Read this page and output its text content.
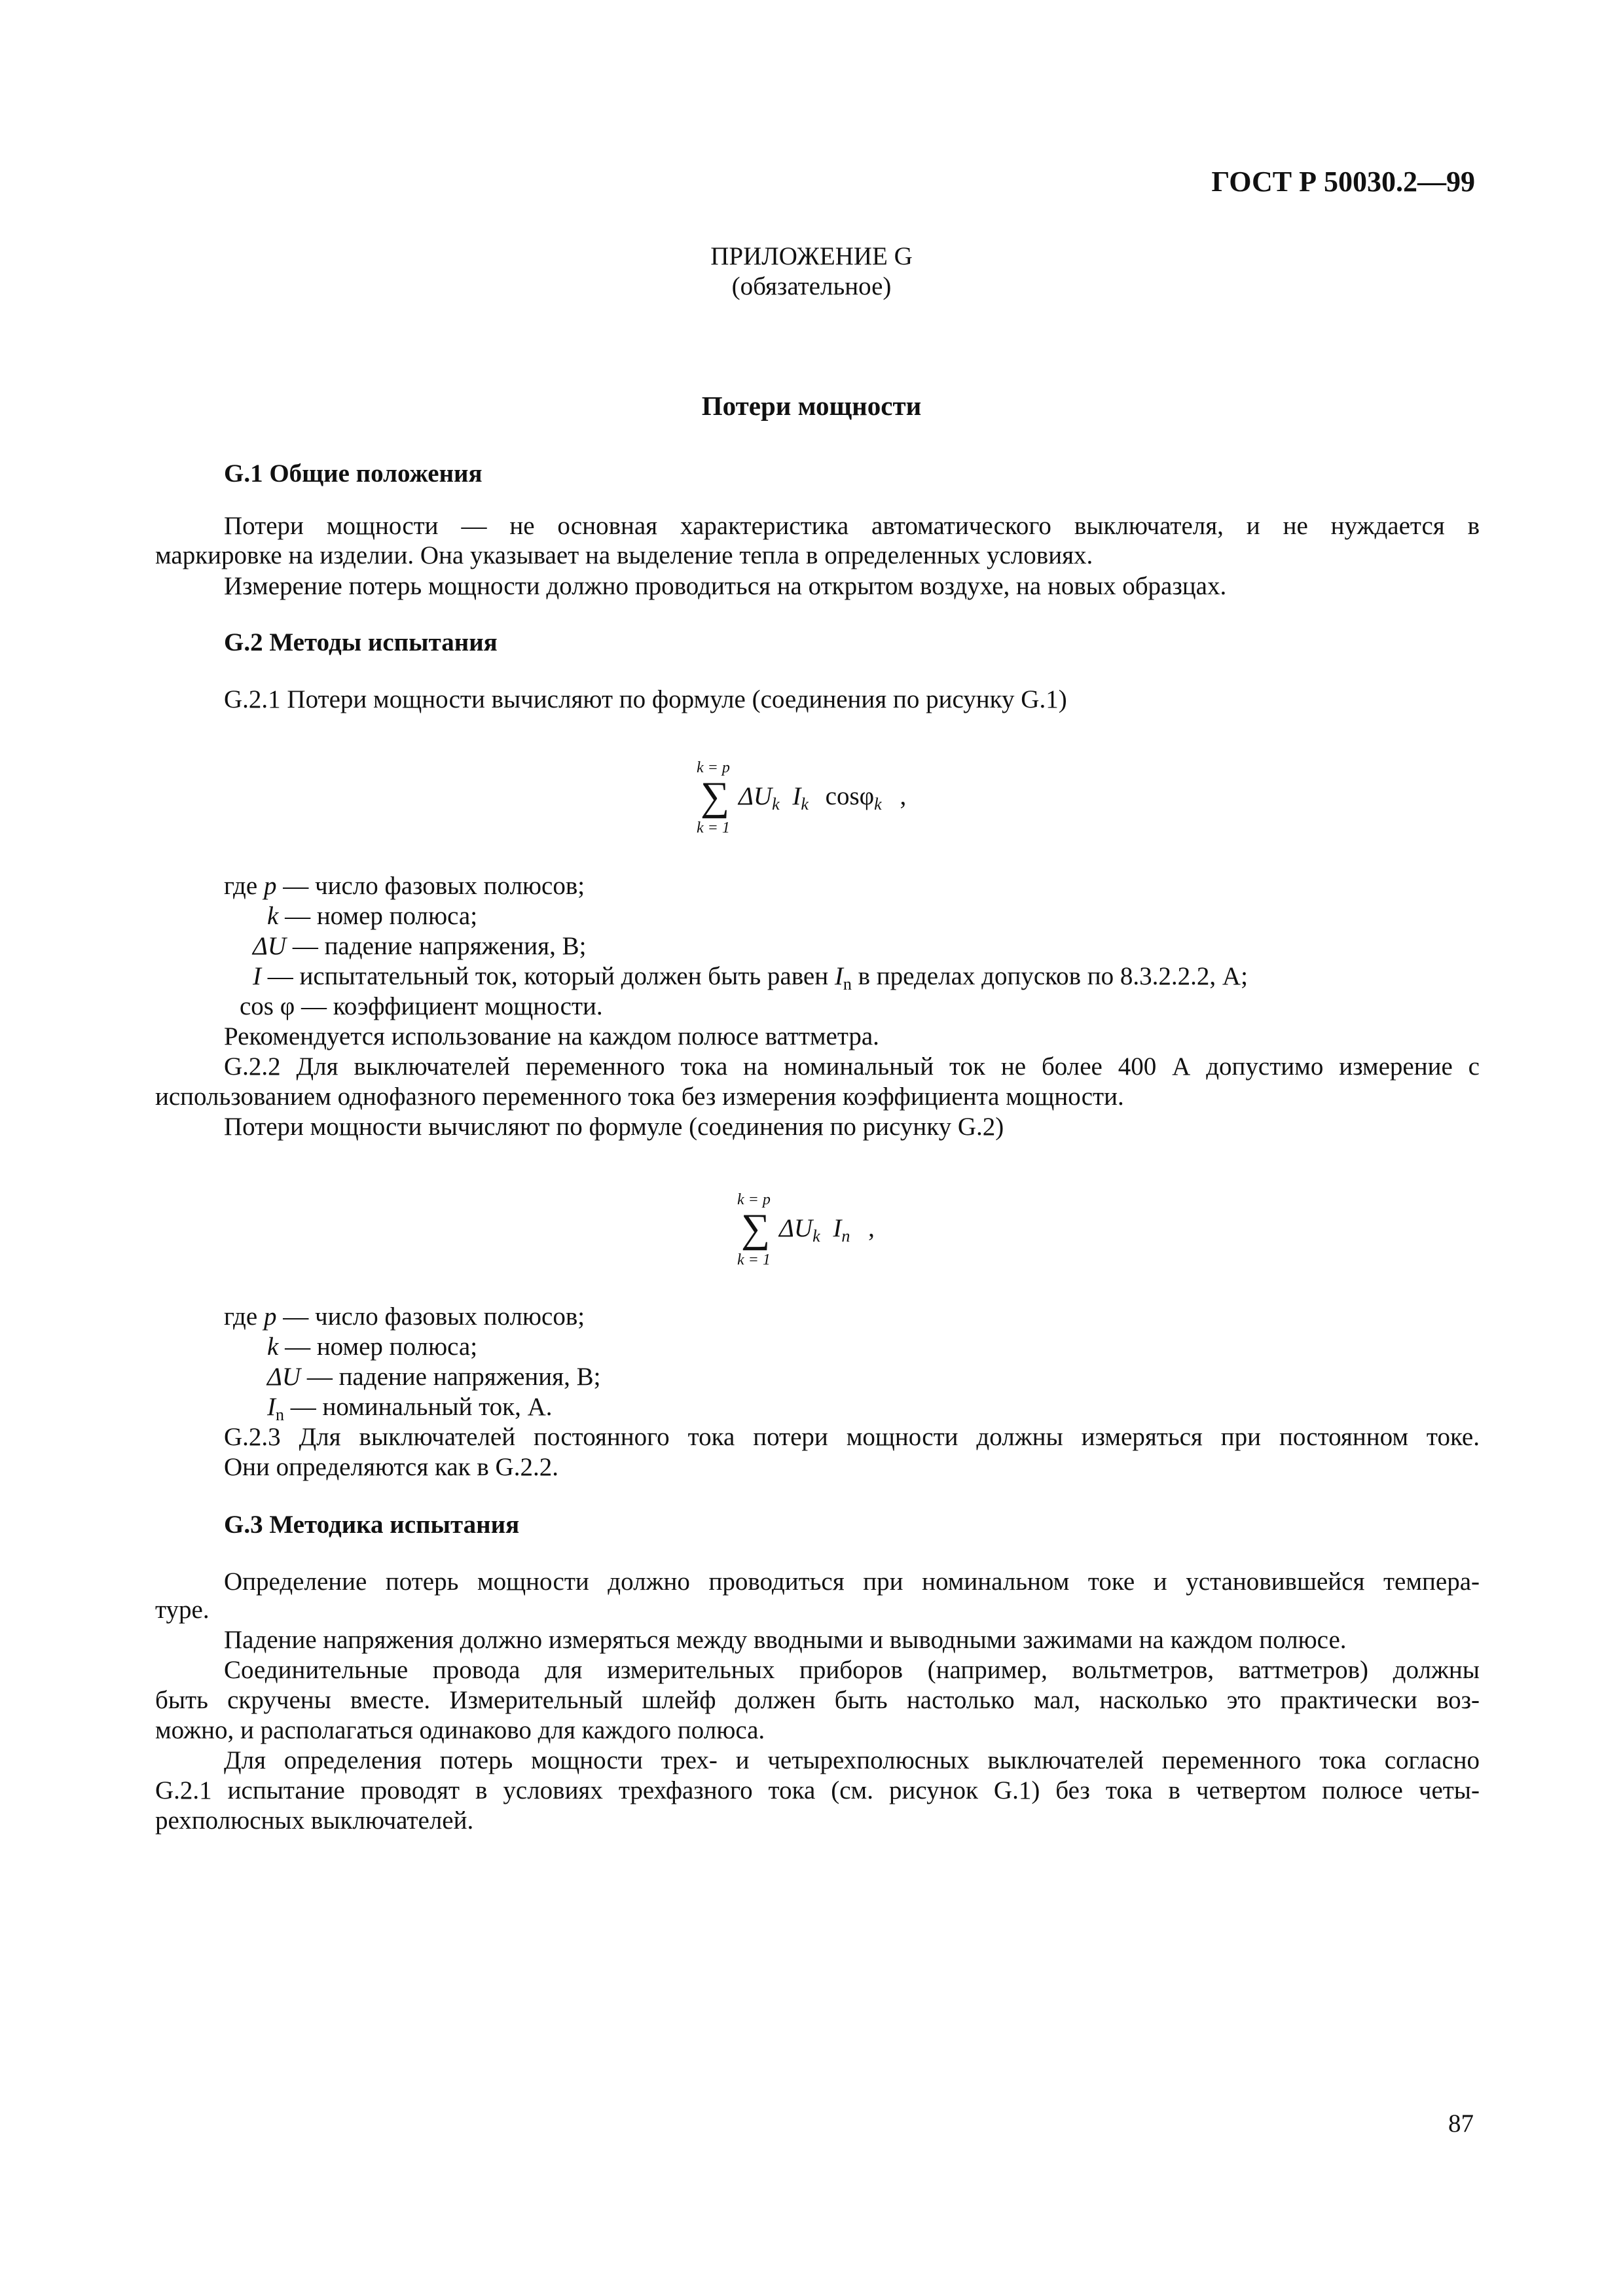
ГОСТ Р 50030.2—99
ПРИЛОЖЕНИЕ G
(обязательное)
Потери мощности
G.1 Общие положения
Потери мощности — не основная характеристика автоматического выключателя, и не нуждается в
маркировке на изделии. Она указывает на выделение тепла в определенных условиях.
Измерение потерь мощности должно проводиться на открытом воздухе, на новых образцах.
G.2 Методы испытания
G.2.1 Потери мощности вычисляют по формуле (соединения по рисунку G.1)
k = p
∑
k = 1
$\Delta U_k$ $I_k$ cosφ$_k$ ,
где p — число фазовых полюсов;
k — номер полюса;
ΔU — падение напряжения, В;
I — испытательный ток, который должен быть равен $I_n$ в пределах допусков по 8.3.2.2.2, А;
cos φ — коэффициент мощности.
Рекомендуется использование на каждом полюсе ваттметра.
G.2.2 Для выключателей переменного тока на номинальный ток не более 400 А допустимо измерение с
использованием однофазного переменного тока без измерения коэффициента мощности.
Потери мощности вычисляют по формуле (соединения по рисунку G.2)
k = p
∑
k = 1
$\Delta U_k$ $I_n$ ,
где p — число фазовых полюсов;
k — номер полюса;
ΔU — падение напряжения, В;
$I_n$ — номинальный ток, А.
G.2.3 Для выключателей постоянного тока потери мощности должны измеряться при постоянном токе.
Они определяются как в G.2.2.
G.3 Методика испытания
Определение потерь мощности должно проводиться при номинальном токе и установившейся темпера-
туре.
Падение напряжения должно измеряться между вводными и выводными зажимами на каждом полюсе.
Соединительные провода для измерительных приборов (например, вольтметров, ваттметров) должны
быть скручены вместе. Измерительный шлейф должен быть настолько мал, насколько это практически воз-
можно, и располагаться одинаково для каждого полюса.
Для определения потерь мощности трех- и четырехполюсных выключателей переменного тока согласно
G.2.1 испытание проводят в условиях трехфазного тока (см. рисунок G.1) без тока в четвертом полюсе четы-
рехполюсных выключателей.
87
